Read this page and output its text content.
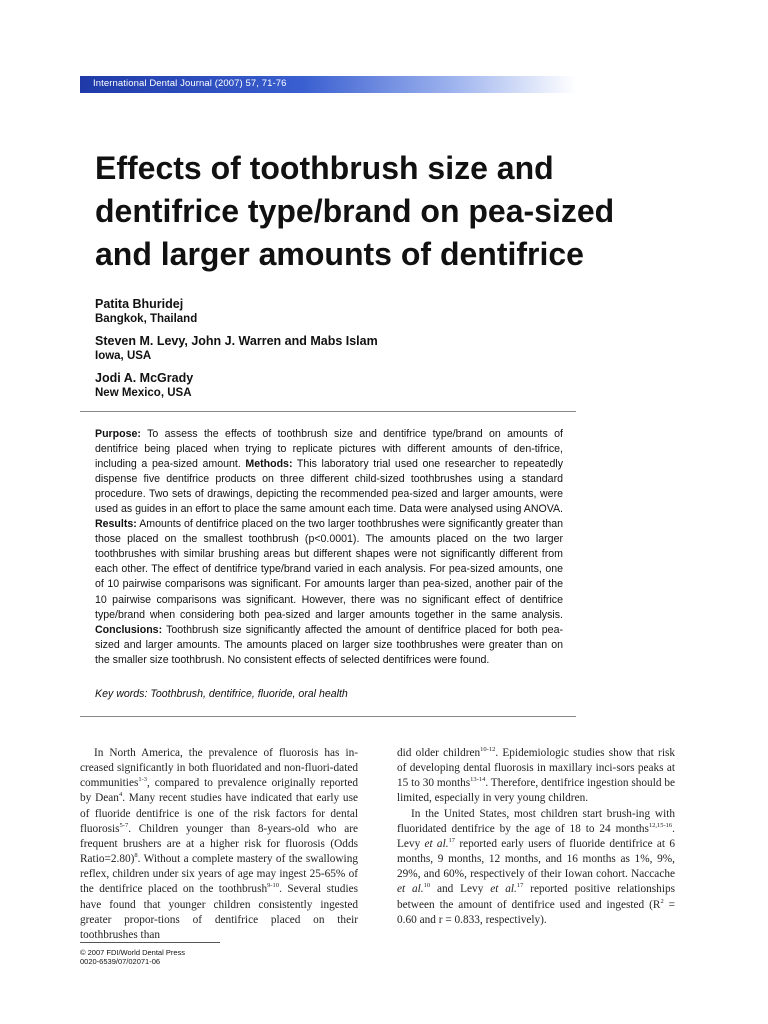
International Dental Journal (2007) 57, 71-76
Effects of toothbrush size and
dentifrice type/brand on pea-sized
and larger amounts of dentifrice
Patita Bhuridej
Bangkok, Thailand
Steven M. Levy, John J. Warren and Mabs Islam
Iowa, USA
Jodi A. McGrady
New Mexico, USA

Purpose: To assess the effects of toothbrush size and dentifrice type/brand on amounts of dentifrice being placed when trying to replicate pictures with different amounts of den-tifrice, including a pea-sized amount. Methods: This laboratory trial used one researcher to repeatedly dispense five dentifrice products on three different child-sized toothbrushes using a standard procedure. Two sets of drawings, depicting the recommended pea-sized and larger amounts, were used as guides in an effort to place the same amount each time. Data were analysed using ANOVA. Results: Amounts of dentifrice placed on the two larger toothbrushes were significantly greater than those placed on the smallest toothbrush (p<0.0001). The amounts placed on the two larger toothbrushes with similar brushing areas but different shapes were not significantly different from each other. The effect of dentifrice type/brand varied in each analysis. For pea-sized amounts, one of 10 pairwise comparisons was significant. For amounts larger than pea-sized, another pair of the 10 pairwise comparisons was significant. However, there was no significant effect of dentifrice type/brand when considering both pea-sized and larger amounts together in the same analysis. Conclusions: Toothbrush size significantly affected the amount of dentifrice placed for both pea-sized and larger amounts. The amounts placed on larger size toothbrushes were greater than on the smaller size toothbrush. No consistent effects of selected dentifrices were found.

Key words: Toothbrush, dentifrice, fluoride, oral health

In North America, the prevalence of fluorosis has in-creased significantly in both fluoridated and non-fluori-dated communities$^{1-3}$, compared to prevalence originally reported by Dean$^4$. Many recent studies have indicated that early use of fluoride dentifrice is one of the risk factors for dental fluorosis$^{5-7}$. Children younger than 8-years-old who are frequent brushers are at a higher risk for fluorosis (Odds Ratio=2.80)$^8$. Without a complete mastery of the swallowing reflex, children under six years of age may ingest 25-65% of the dentifrice placed on the toothbrush$^{9-10}$. Several studies have found that younger children consistently ingested greater propor-tions of dentifrice placed on their toothbrushes than

did older children$^{10-12}$. Epidemiologic studies show that risk of developing dental fluorosis in maxillary inci-sors peaks at 15 to 30 months$^{13-14}$. Therefore, dentifrice ingestion should be limited, especially in very young children.

In the United States, most children start brush-ing with fluoridated dentifrice by the age of 18 to 24 months$^{12,15-16}$. Levy et al.$^{17}$ reported early users of fluoride dentifrice at 6 months, 9 months, 12 months, and 16 months as 1%, 9%, 29%, and 60%, respectively of their Iowan cohort. Naccache et al.$^{10}$ and Levy et al.$^{17}$ reported positive relationships between the amount of dentifrice used and ingested ($R^2 = 0.60$ and r = 0.833, respectively).

© 2007 FDI/World Dental Press
0020-6539/07/02071-06
